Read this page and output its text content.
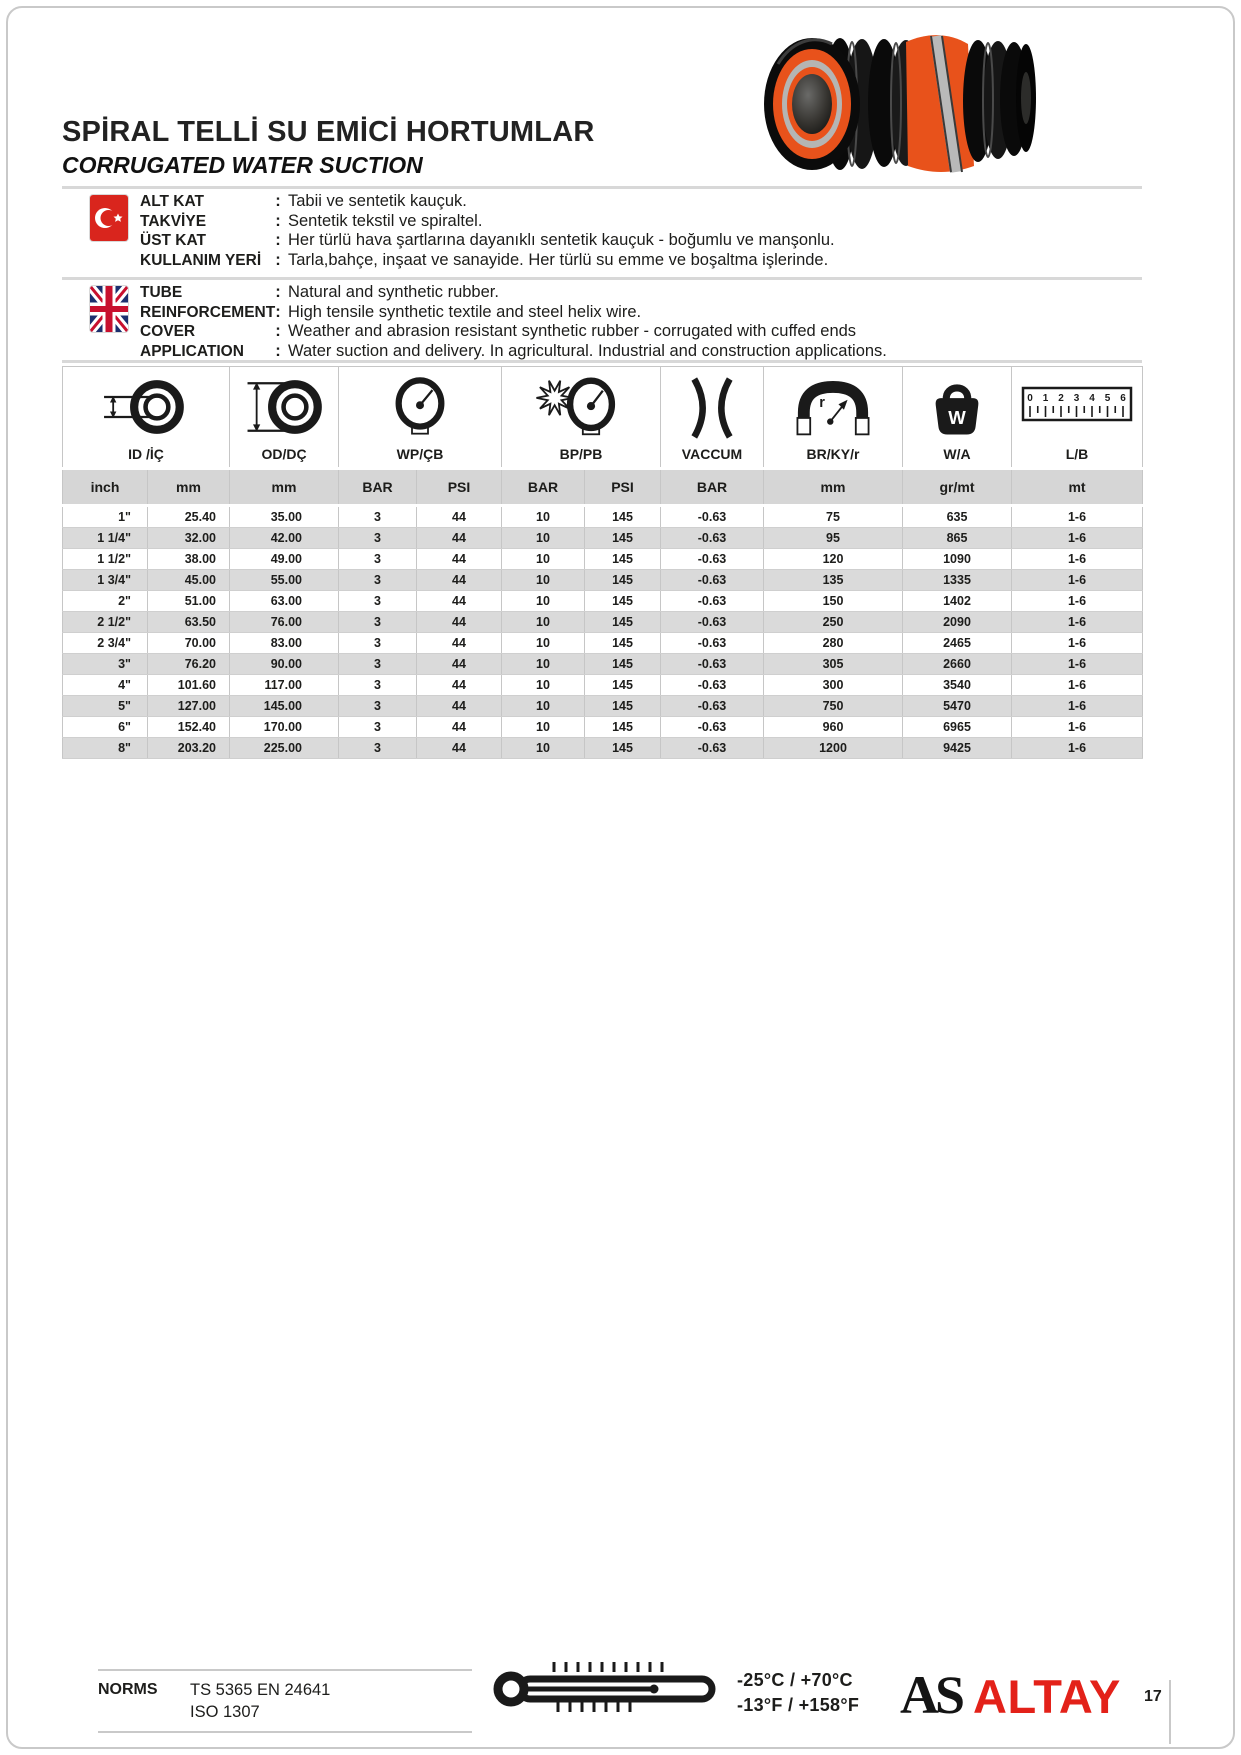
SPİRAL TELLİ SU EMİCİ HORTUMLAR
CORRUGATED WATER SUCTION
ALT KAT	: Tabii ve sentetik kauçuk.
TAKVİYE	: Sentetik tekstil ve spiraltel.
ÜST KAT	: Her türlü hava şartlarına dayanıklı sentetik kauçuk - boğumlu ve manşonlu.
KULLANIM YERİ : Tarla,bahçe, inşaat ve sanayide. Her türlü su emme ve boşaltma işlerinde.
TUBE	: Natural and synthetic rubber.
REINFORCEMENT : High tensile synthetic textile and steel helix wire.
COVER	: Weather and abrasion resistant synthetic rubber - corrugated with cuffed ends
APPLICATION	: Water suction and delivery. In agricultural. Industrial and construction applications.
ID /İÇ	OD/DÇ	WP/ÇB	BP/PB	VACCUM

r
BR/KY/r

W
W/A

0 1 2 3 4 5 6
L/B

inch	mm	mm	BAR	PSI	BAR	PSI	BAR	mm	gr/mt	mt
1"	25.40	35.00	3	44	10	145	-0.63	75	635	1-6
1 1/4"	32.00	42.00	3	44	10	145	-0.63	95	865	1-6
1 1/2"	38.00	49.00	3	44	10	145	-0.63	120	1090	1-6
1 3/4"	45.00	55.00	3	44	10	145	-0.63	135	1335	1-6
2"	51.00	63.00	3	44	10	145	-0.63	150	1402	1-6
2 1/2"	63.50	76.00	3	44	10	145	-0.63	250	2090	1-6
2 3/4"	70.00	83.00	3	44	10	145	-0.63	280	2465	1-6
3"	76.20	90.00	3	44	10	145	-0.63	305	2660	1-6
4"	101.60	117.00	3	44	10	145	-0.63	300	3540	1-6
5"	127.00	145.00	3	44	10	145	-0.63	750	5470	1-6
6"	152.40	170.00	3	44	10	145	-0.63	960	6965	1-6
8"	203.20	225.00	3	44	10	145	-0.63	1200	9425	1-6
NORMS	TS 5365 EN 24641
ISO 1307
-25°C / +70°C
-13°F / +158°F AS ALTAY 17
